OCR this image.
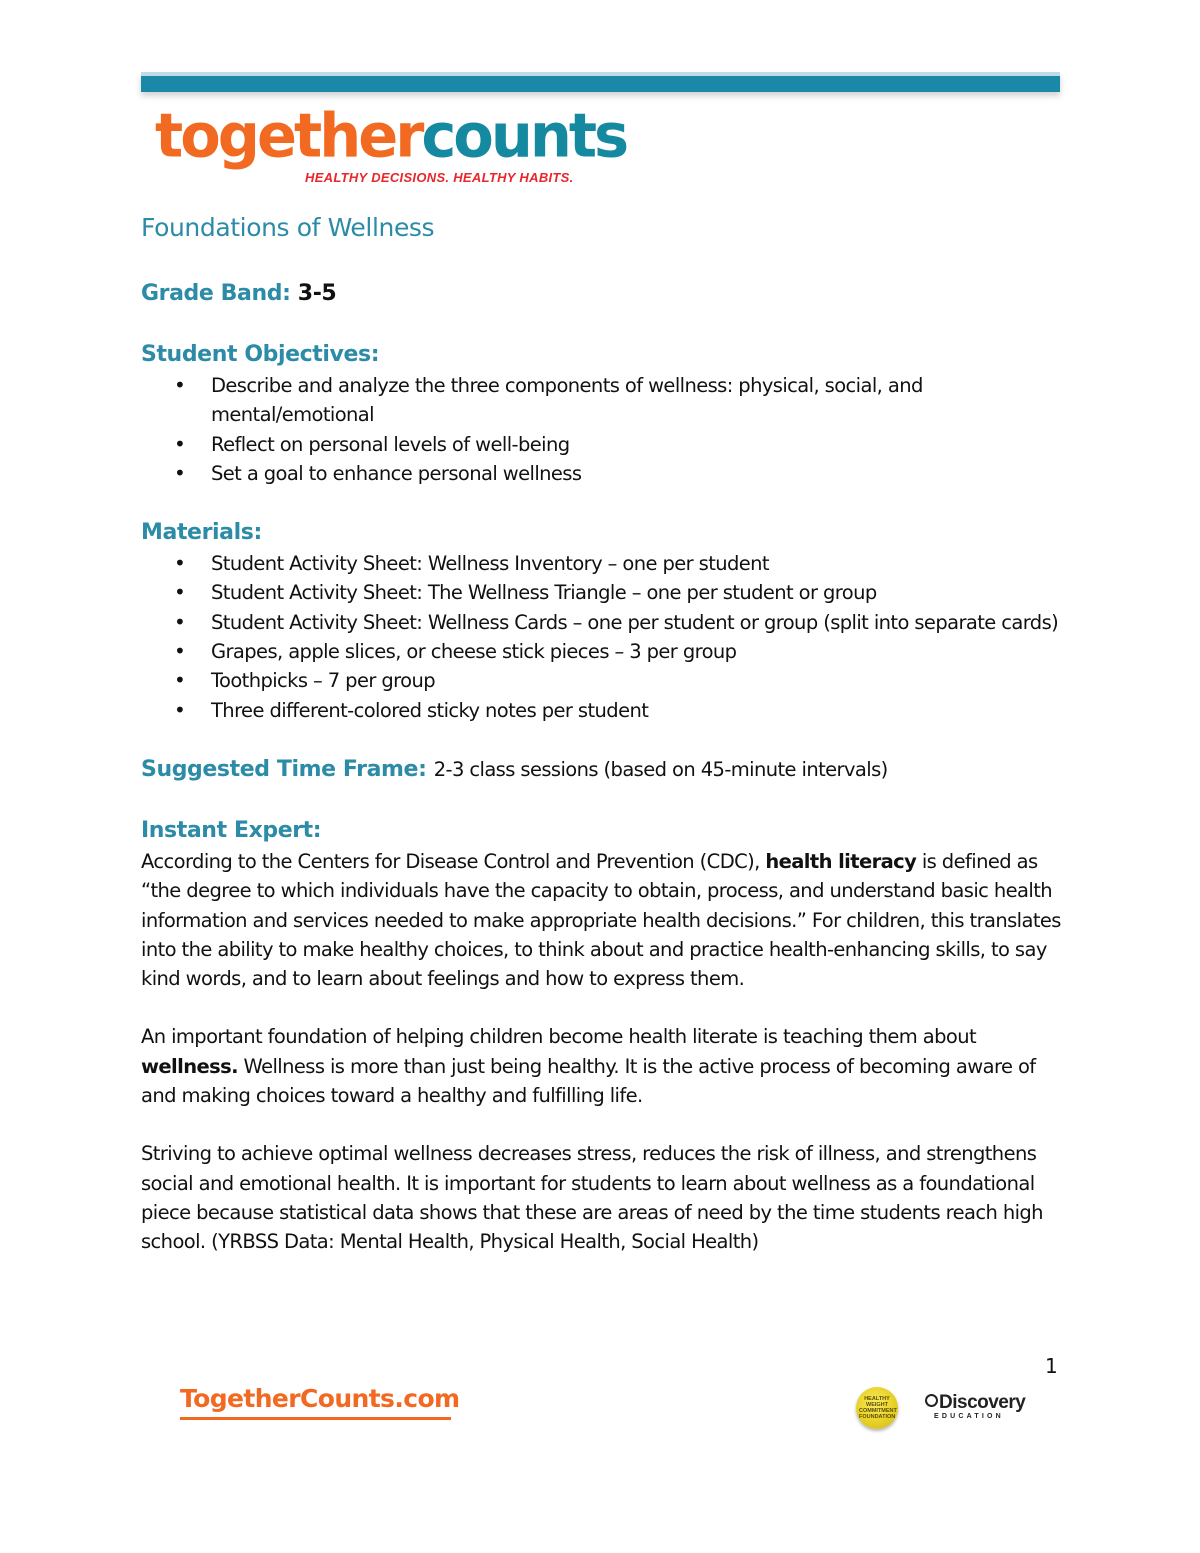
togethercounts
HEALTHY DECISIONS. HEALTHY HABITS.
Foundations of Wellness
Grade Band: 3-5
Student Objectives:
• Describe and analyze the three components of wellness: physical, social, and mental/emotional
• Reflect on personal levels of well-being
• Set a goal to enhance personal wellness
Materials:
• Student Activity Sheet: Wellness Inventory – one per student
• Student Activity Sheet: The Wellness Triangle – one per student or group
• Student Activity Sheet: Wellness Cards – one per student or group (split into separate cards)
• Grapes, apple slices, or cheese stick pieces – 3 per group
• Toothpicks – 7 per group
• Three different-colored sticky notes per student
Suggested Time Frame: 2-3 class sessions (based on 45-minute intervals)
Instant Expert:

According to the Centers for Disease Control and Prevention (CDC), health literacy is defined as “the degree to which individuals have the capacity to obtain, process, and understand basic health information and services needed to make appropriate health decisions.” For children, this translates into the ability to make healthy choices, to think about and practice health-enhancing skills, to say kind words, and to learn about feelings and how to express them.

An important foundation of helping children become health literate is teaching them about wellness. Wellness is more than just being healthy. It is the active process of becoming aware of and making choices toward a healthy and fulfilling life.

Striving to achieve optimal wellness decreases stress, reduces the risk of illness, and strengthens social and emotional health. It is important for students to learn about wellness as a foundational piece because statistical data shows that these are areas of need by the time students reach high school. (YRBSS Data: Mental Health, Physical Health, Social Health)

1
TogetherCounts.com	HEALTHY WEIGHT COMMITMENT FOUNDATION
Discovery
EDUCATION
